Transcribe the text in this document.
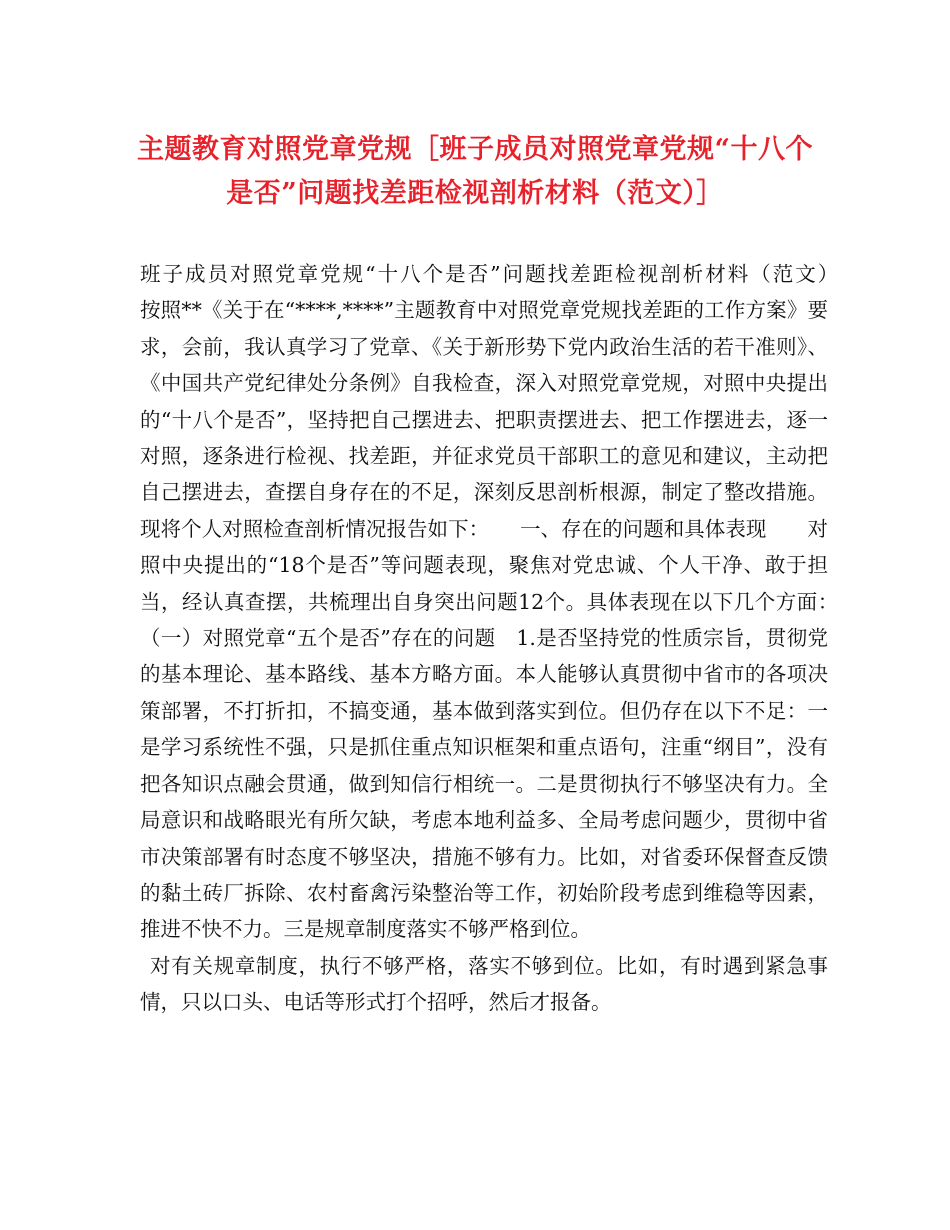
主题教育对照党章党规［班子成员对照党章党规“十八个是否”问题找差距检视剖析材料（范文）］

班子成员对照党章党规“十八个是否”问题找差距检视剖析材料（范文）　　　按照**《关于在“****,****”主题教育中对照党章党规找差距的工作方案》要求，会前，我认真学习了党章、《关于新形势下党内政治生活的若干准则》、《中国共产党纪律处分条例》自我检查，深入对照党章党规，对照中央提出的“十八个是否”，坚持把自己摆进去、把职责摆进去、把工作摆进去，逐一对照，逐条进行检视、找差距，并征求党员干部职工的意见和建议，主动把自己摆进去，查摆自身存在的不足，深刻反思剖析根源，制定了整改措施。现将个人对照检查剖析情况报告如下：　　一、存在的问题和具体表现　　对照中央提出的“18个是否”等问题表现，聚焦对党忠诚、个人干净、敢于担当，经认真查摆，共梳理出自身突出问题12个。具体表现在以下几个方面：　（一）对照党章“五个是否”存在的问题　1.是否坚持党的性质宗旨，贯彻党的基本理论、基本路线、基本方略方面。本人能够认真贯彻中省市的各项决策部署，不打折扣，不搞变通，基本做到落实到位。但仍存在以下不足：一是学习系统性不强，只是抓住重点知识框架和重点语句，注重“纲目”，没有把各知识点融会贯通，做到知信行相统一。二是贯彻执行不够坚决有力。全局意识和战略眼光有所欠缺，考虑本地利益多、全局考虑问题少，贯彻中省市决策部署有时态度不够坚决，措施不够有力。比如，对省委环保督查反馈的黏土砖厂拆除、农村畜禽污染整治等工作，初始阶段考虑到维稳等因素，推进不快不力。三是规章制度落实不够严格到位。

对有关规章制度，执行不够严格，落实不够到位。比如，有时遇到紧急事情，只以口头、电话等形式打个招呼，然后才报备。
